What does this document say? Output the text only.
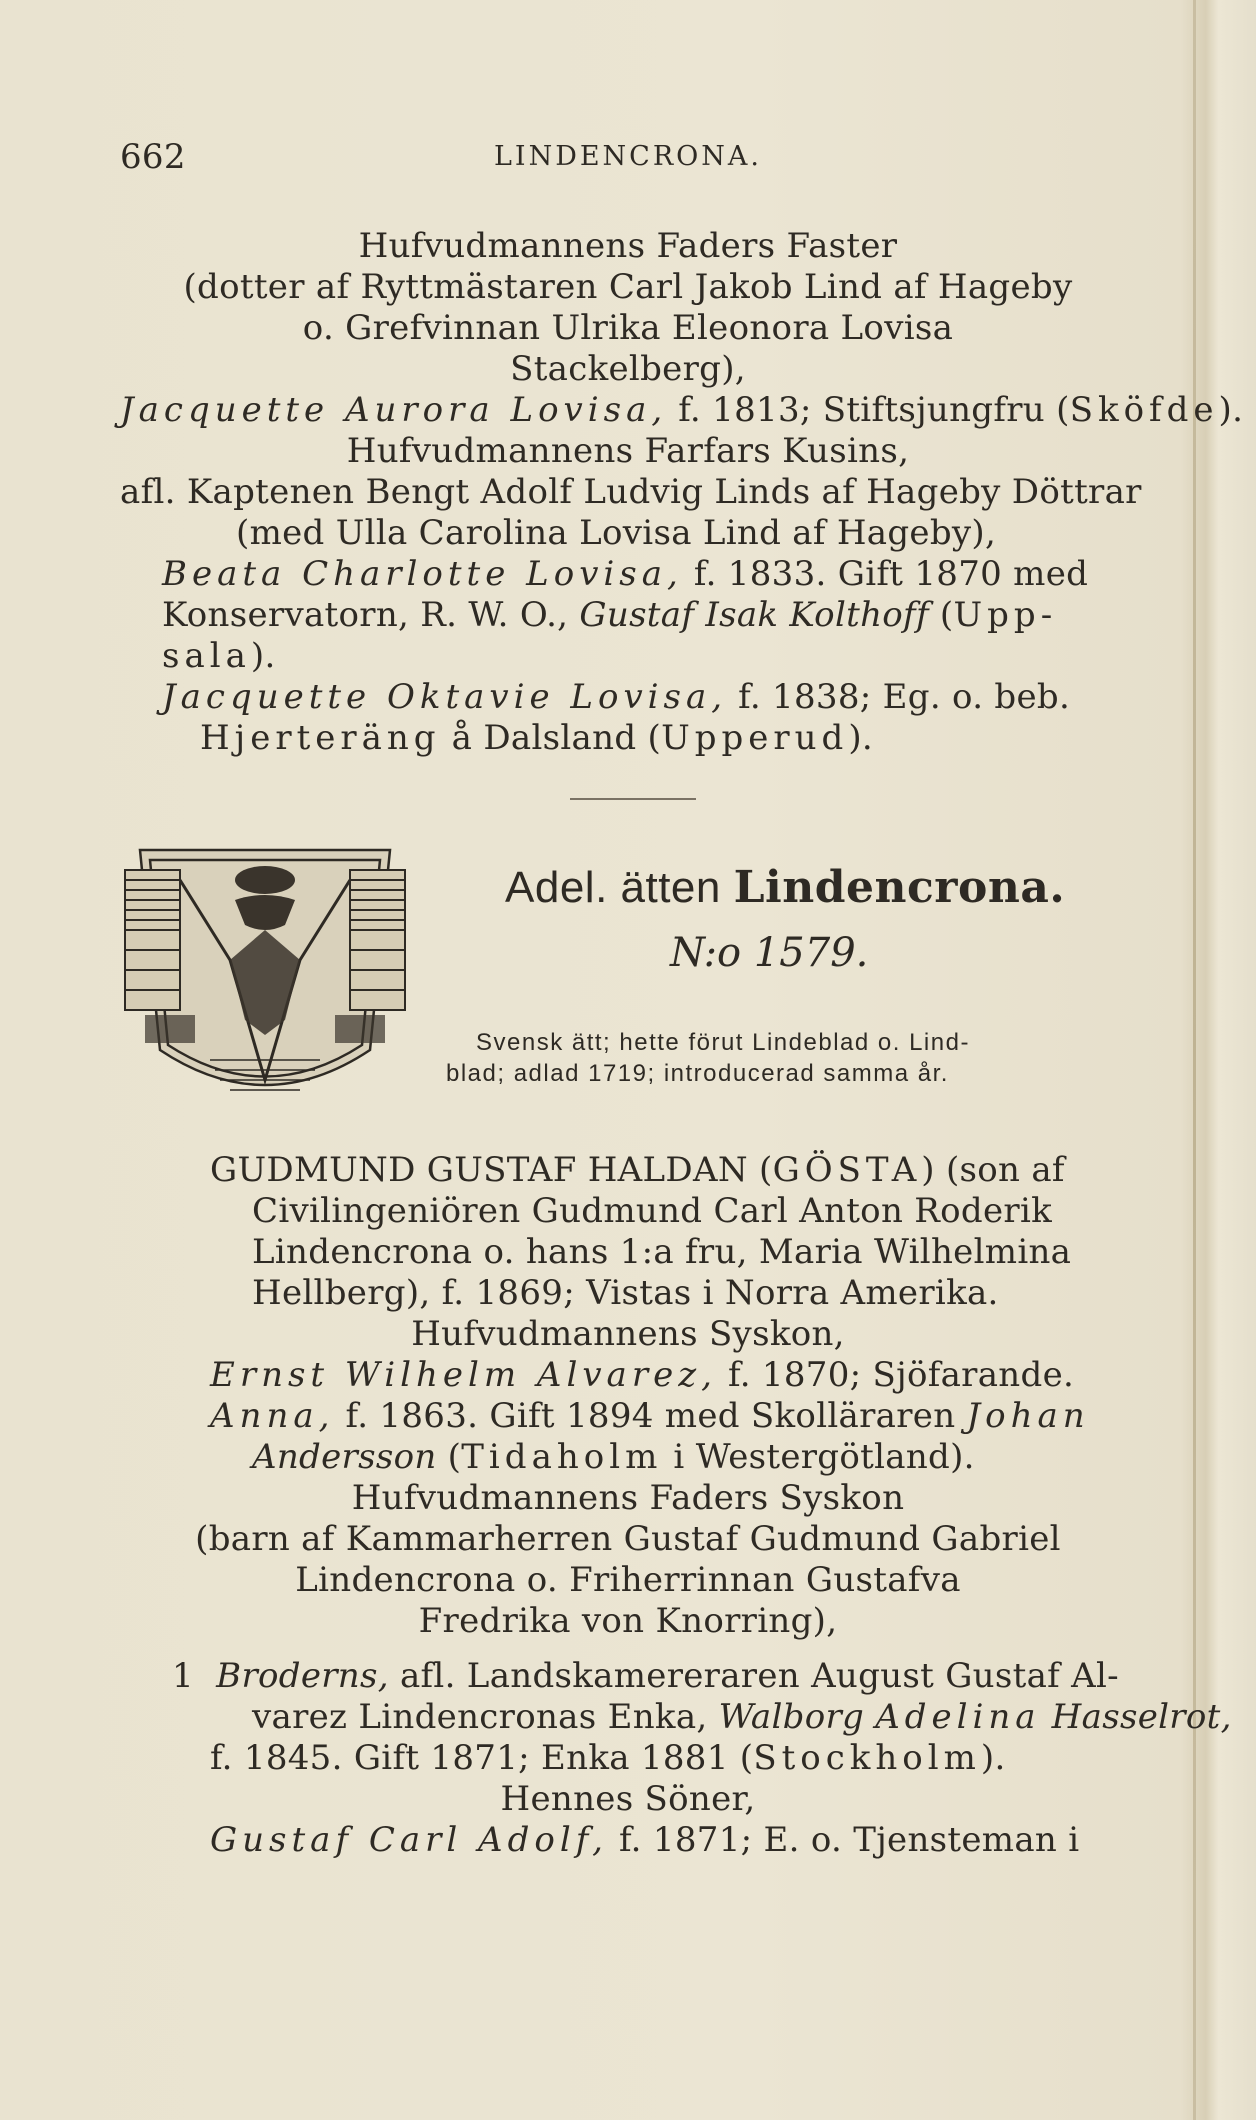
662	LINDENCRONA.
Hufvudmannens Faders Faster
(dotter af Ryttmästaren Carl Jakob Lind af Hageby
o. Grefvinnan Ulrika Eleonora Lovisa
Stackelberg),
Jacquette Aurora Lovisa, f. 1813; Stiftsjungfru (Sköfde).
Hufvudmannens Farfars Kusins,
afl. Kaptenen Bengt Adolf Ludvig Linds af Hageby Döttrar
(med Ulla Carolina Lovisa Lind af Hageby),
Beata Charlotte Lovisa, f. 1833. Gift 1870 med
Konservatorn, R. W. O., Gustaf Isak Kolthoff (Upp-
sala).
Jacquette Oktavie Lovisa, f. 1838; Eg. o. beb.
Hjerteräng å Dalsland (Upperud).
Adel. ätten Lindencrona.
N:o 1579.
Svensk ätt; hette förut Lindeblad o. Lind-
blad; adlad 1719; introducerad samma år.
GUDMUND GUSTAF HALDAN (GÖSTA) (son af
Civilingeniören Gudmund Carl Anton Roderik
Lindencrona o. hans 1:a fru, Maria Wilhelmina
Hellberg), f. 1869; Vistas i Norra Amerika.
Hufvudmannens Syskon,
Ernst Wilhelm Alvarez, f. 1870; Sjöfarande.
Anna, f. 1863. Gift 1894 med Skolläraren Johan
Andersson (Tidaholm i Westergötland).
Hufvudmannens Faders Syskon
(barn af Kammarherren Gustaf Gudmund Gabriel
Lindencrona o. Friherrinnan Gustafva
Fredrika von Knorring),
1 Broderns, afl. Landskamereraren August Gustaf Al-
varez Lindencronas Enka, Walborg Adelina Hasselrot,
f. 1845. Gift 1871; Enka 1881 (Stockholm).
Hennes Söner,
Gustaf Carl Adolf, f. 1871; E. o. Tjensteman i
